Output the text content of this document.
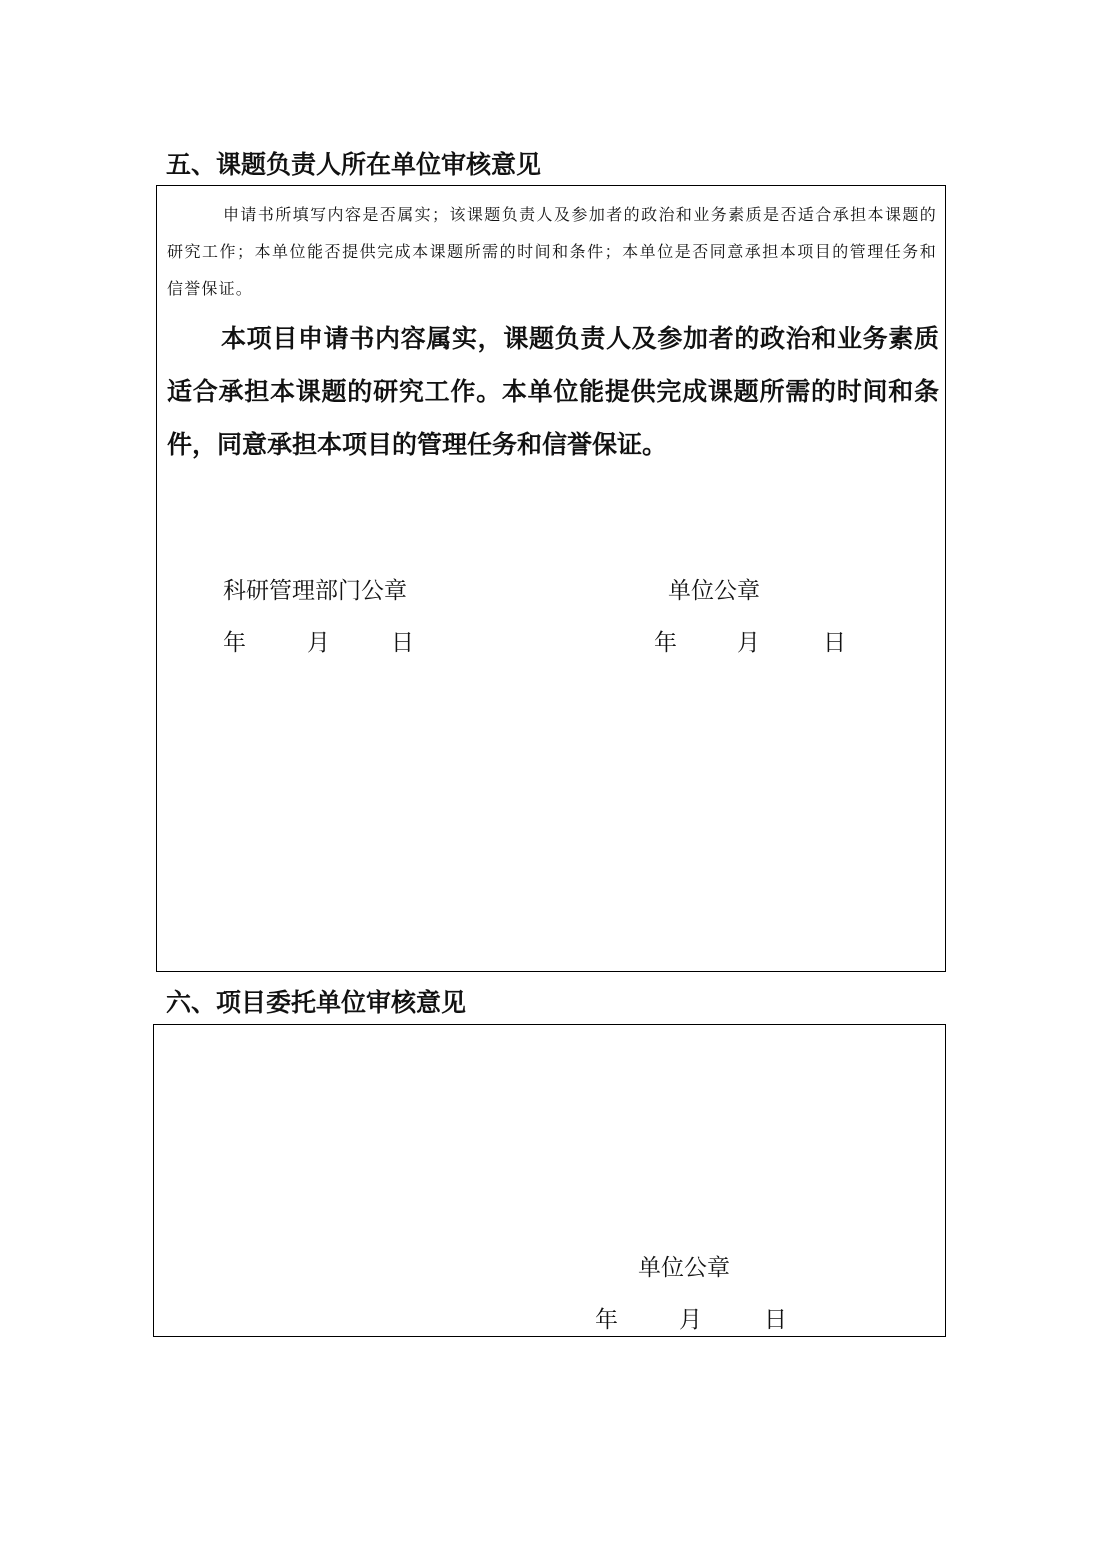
五、课题负责人所在单位审核意见

申请书所填写内容是否属实；该课题负责人及参加者的政治和业务素质是否适合承担本课题的研究工作；本单位能否提供完成本课题所需的时间和条件；本单位是否同意承担本项目的管理任务和信誉保证。

本项目申请书内容属实，课题负责人及参加者的政治和业务素质适合承担本课题的研究工作。本单位能提供完成课题所需的时间和条件，同意承担本项目的管理任务和信誉保证。

科研管理部门公章	单位公章
年	月	日	年	月	日
六、项目委托单位审核意见
单位公章
年	月	日
